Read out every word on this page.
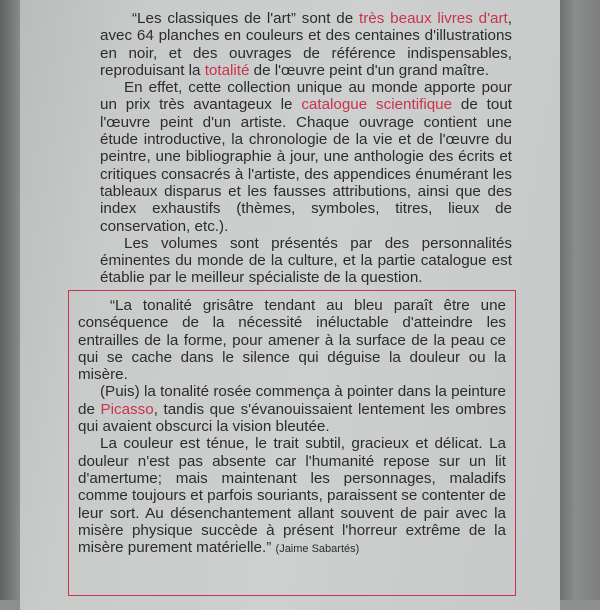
“Les classiques de l'art” sont de très beaux livres d'art, avec 64 planches en couleurs et des centaines d'illustrations en noir, et des ouvrages de référence indispensables, reproduisant la totalité de l'œuvre peint d'un grand maître.

En effet, cette collection unique au monde apporte pour un prix très avantageux le catalogue scientifique de tout l'œuvre peint d'un artiste. Chaque ouvrage contient une étude introductive, la chronologie de la vie et de l'œuvre du peintre, une bibliographie à jour, une anthologie des écrits et critiques consacrés à l'artiste, des appendices énumérant les tableaux disparus et les fausses attributions, ainsi que des index exhaustifs (thèmes, symboles, titres, lieux de conservation, etc.).

Les volumes sont présentés par des personnalités éminentes du monde de la culture, et la partie catalogue est établie par le meilleur spécialiste de la question.

“La tonalité grisâtre tendant au bleu paraît être une conséquence de la nécessité inéluctable d'atteindre les entrailles de la forme, pour amener à la surface de la peau ce qui se cache dans le silence qui déguise la douleur ou la misère.

(Puis) la tonalité rosée commença à pointer dans la peinture de Picasso, tandis que s'évanouissaient lentement les ombres qui avaient obscurci la vision bleutée.

La couleur est ténue, le trait subtil, gracieux et délicat. La douleur n'est pas absente car l'humanité repose sur un lit d'amertume; mais maintenant les personnages, maladifs comme toujours et parfois souriants, paraissent se contenter de leur sort. Au désenchantement allant souvent de pair avec la misère physique succède à présent l'horreur extrême de la misère purement matérielle.” (Jaime Sabartés)
